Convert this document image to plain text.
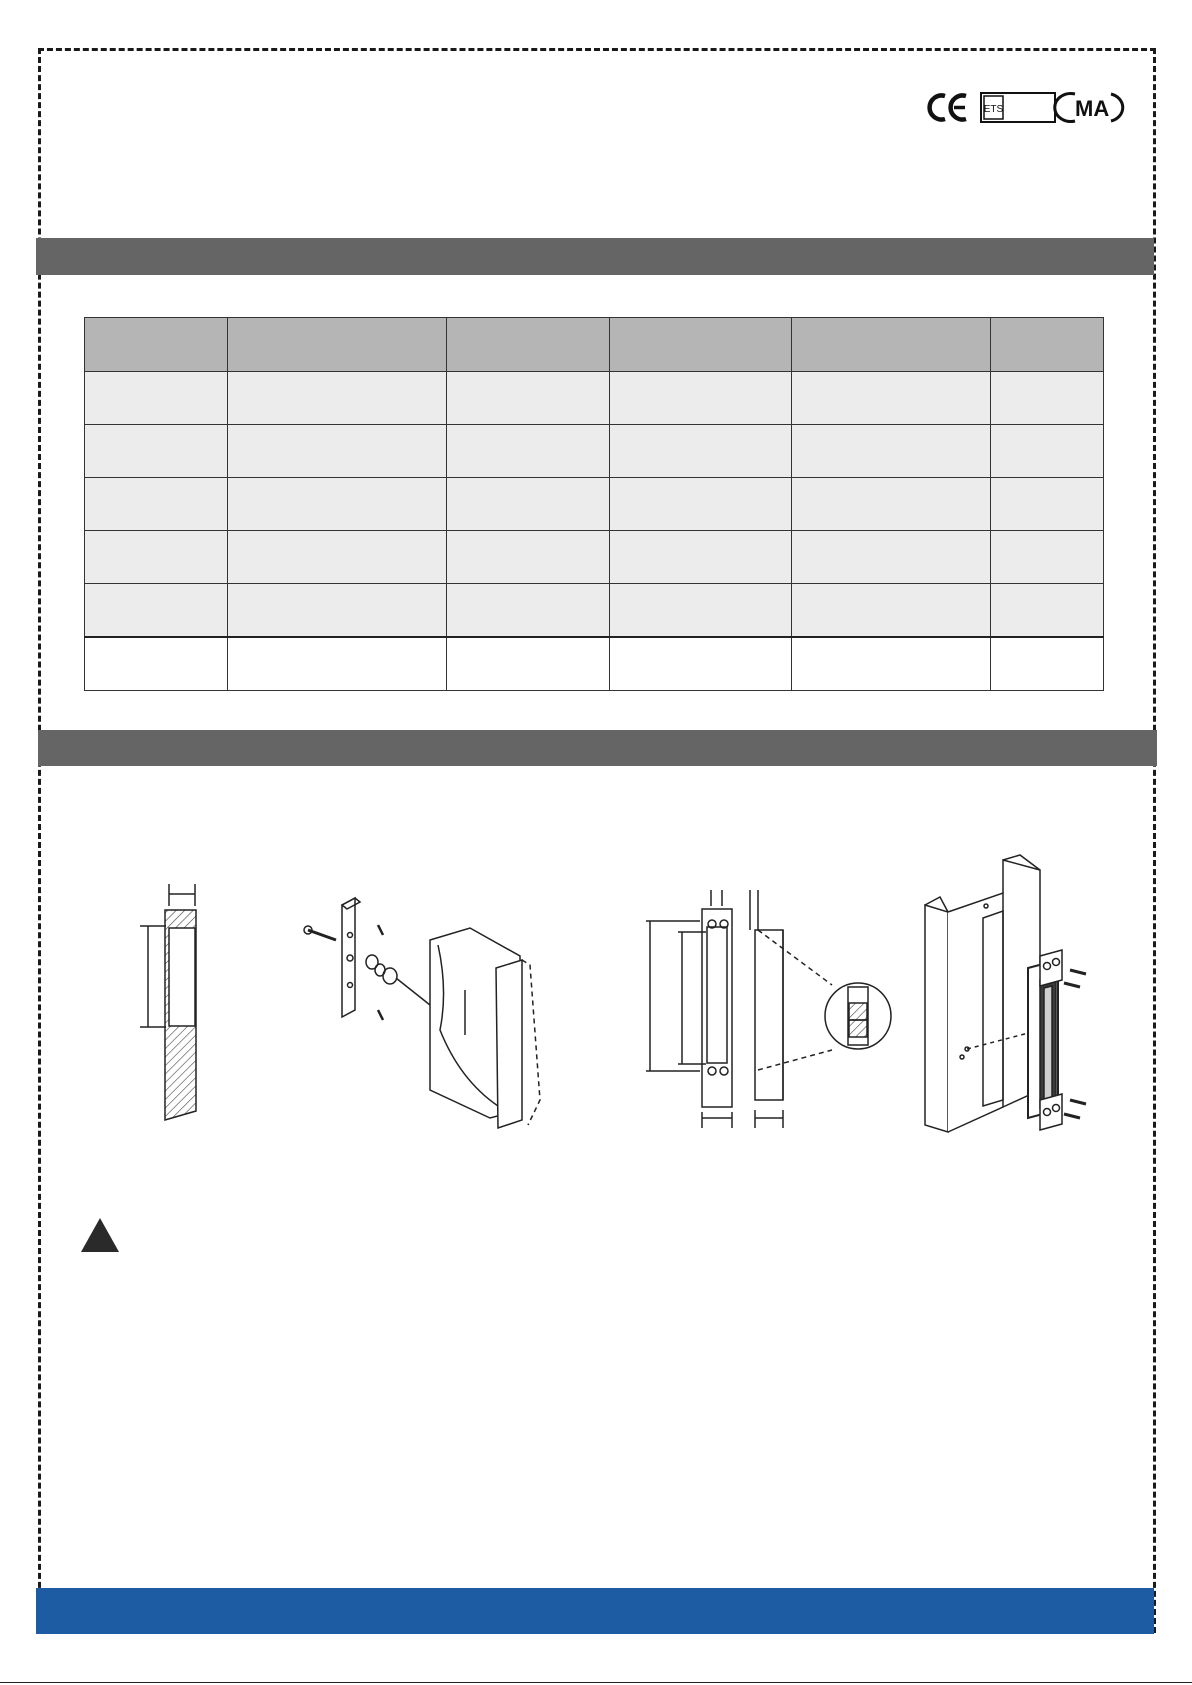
ETS	MA
